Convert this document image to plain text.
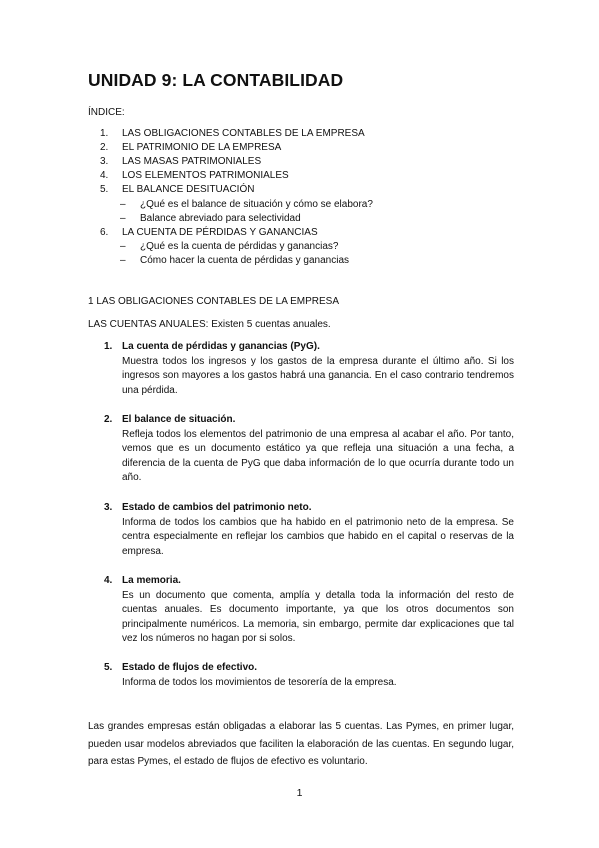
UNIDAD 9: LA CONTABILIDAD
ÍNDICE:
1. LAS OBLIGACIONES CONTABLES DE LA EMPRESA
2. EL PATRIMONIO DE LA EMPRESA
3. LAS MASAS PATRIMONIALES
4. LOS ELEMENTOS PATRIMONIALES
5. EL BALANCE DESITUACIÓN
– ¿Qué es el balance de situación y cómo se elabora?
– Balance abreviado para selectividad
6. LA CUENTA DE PÉRDIDAS Y GANANCIAS
– ¿Qué es la cuenta de pérdidas y ganancias?
– Cómo hacer la cuenta de pérdidas y ganancias
1 LAS OBLIGACIONES CONTABLES DE LA EMPRESA
LAS CUENTAS ANUALES: Existen 5 cuentas anuales.
1. La cuenta de pérdidas y ganancias (PyG).
Muestra todos los ingresos y los gastos de la empresa durante el último año. Si los
ingresos son mayores a los gastos habrá una ganancia. En el caso contrario tendremos
una pérdida.
2. El balance de situación.
Refleja todos los elementos del patrimonio de una empresa al acabar el año. Por tanto,
vemos que es un documento estático ya que refleja una situación a una fecha, a
diferencia de la cuenta de PyG que daba información de lo que ocurría durante todo un
año.
3. Estado de cambios del patrimonio neto.
Informa de todos los cambios que ha habido en el patrimonio neto de la empresa. Se
centra especialmente en reflejar los cambios que habido en el capital o reservas de la
empresa.
4. La memoria.
Es un documento que comenta, amplía y detalla toda la información del resto de
cuentas anuales. Es documento importante, ya que los otros documentos son
principalmente numéricos. La memoria, sin embargo, permite dar explicaciones que tal
vez los números no hagan por si solos.
5. Estado de flujos de efectivo.
Informa de todos los movimientos de tesorería de la empresa.
Las grandes empresas están obligadas a elaborar las 5 cuentas. Las Pymes, en primer lugar,
pueden usar modelos abreviados que faciliten la elaboración de las cuentas. En segundo lugar,
para estas Pymes, el estado de flujos de efectivo es voluntario.
1
